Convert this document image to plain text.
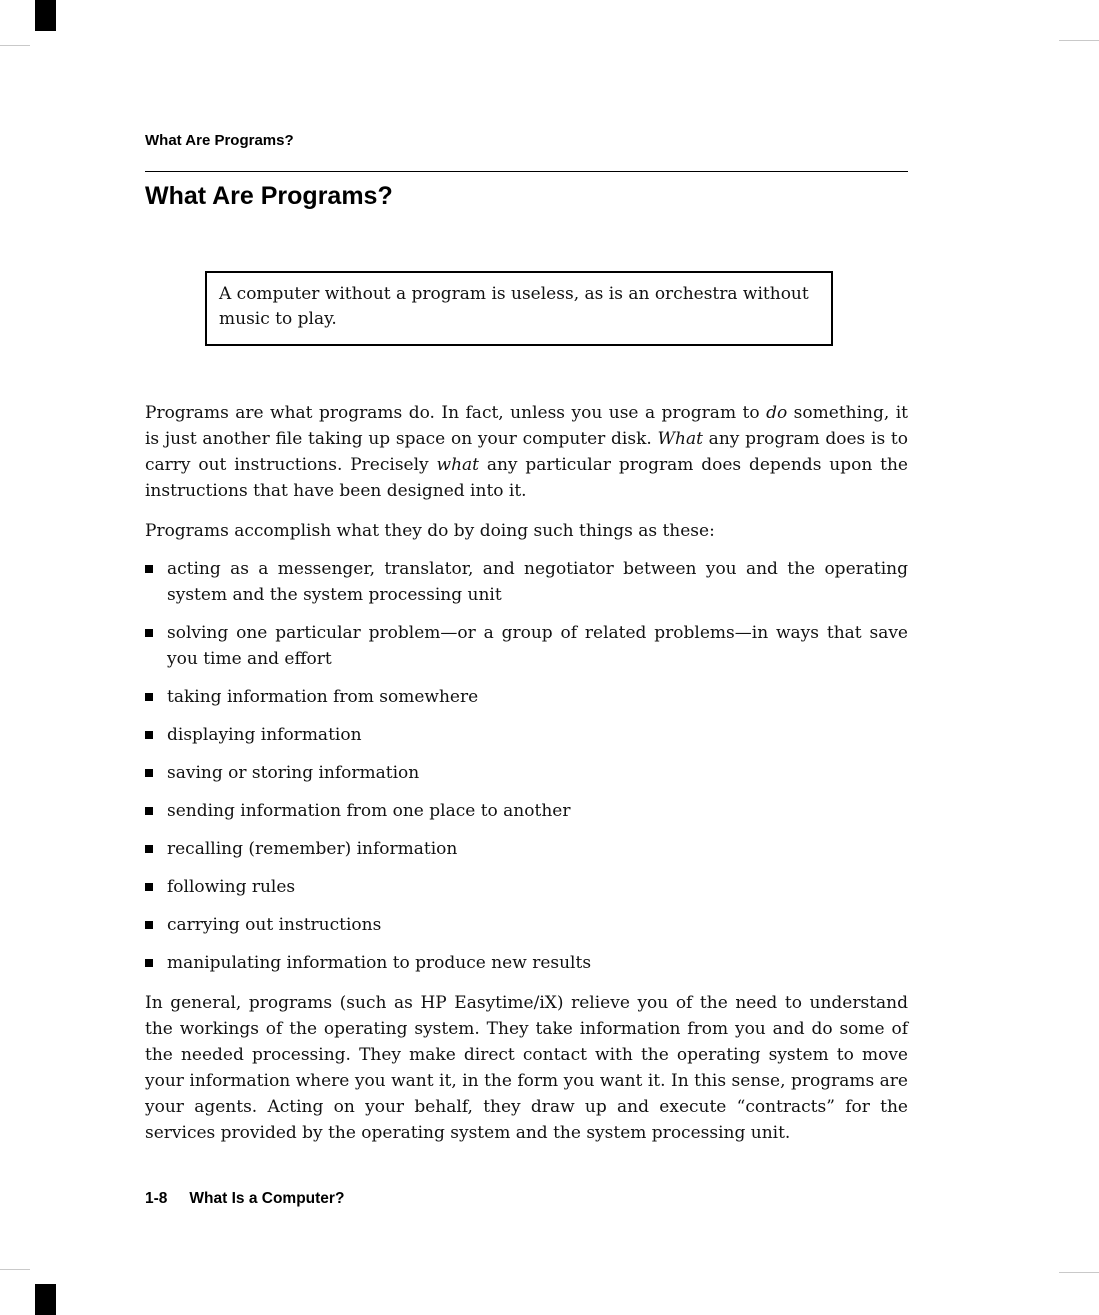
What Are Programs?
What Are Programs?

A computer without a program is useless, as is an orchestra without music to play.

Programs are what programs do. In fact, unless you use a program to do something, it is just another file taking up space on your computer disk. What any program does is to carry out instructions. Precisely what any particular program does depends upon the instructions that have been designed into it.

Programs accomplish what they do by doing such things as these:

acting as a messenger, translator, and negotiator between you and the operating system and the system processing unit
solving one particular problem—or a group of related problems—in ways that save you time and effort
taking information from somewhere
displaying information
saving or storing information
sending information from one place to another
recalling (remember) information
following rules
carrying out instructions
manipulating information to produce new results

In general, programs (such as HP Easytime/iX) relieve you of the need to understand the workings of the operating system. They take information from you and do some of the needed processing. They make direct contact with the operating system to move your information where you want it, in the form you want it. In this sense, programs are your agents. Acting on your behalf, they draw up and execute “contracts” for the services provided by the operating system and the system processing unit.

1-8 What Is a Computer?
